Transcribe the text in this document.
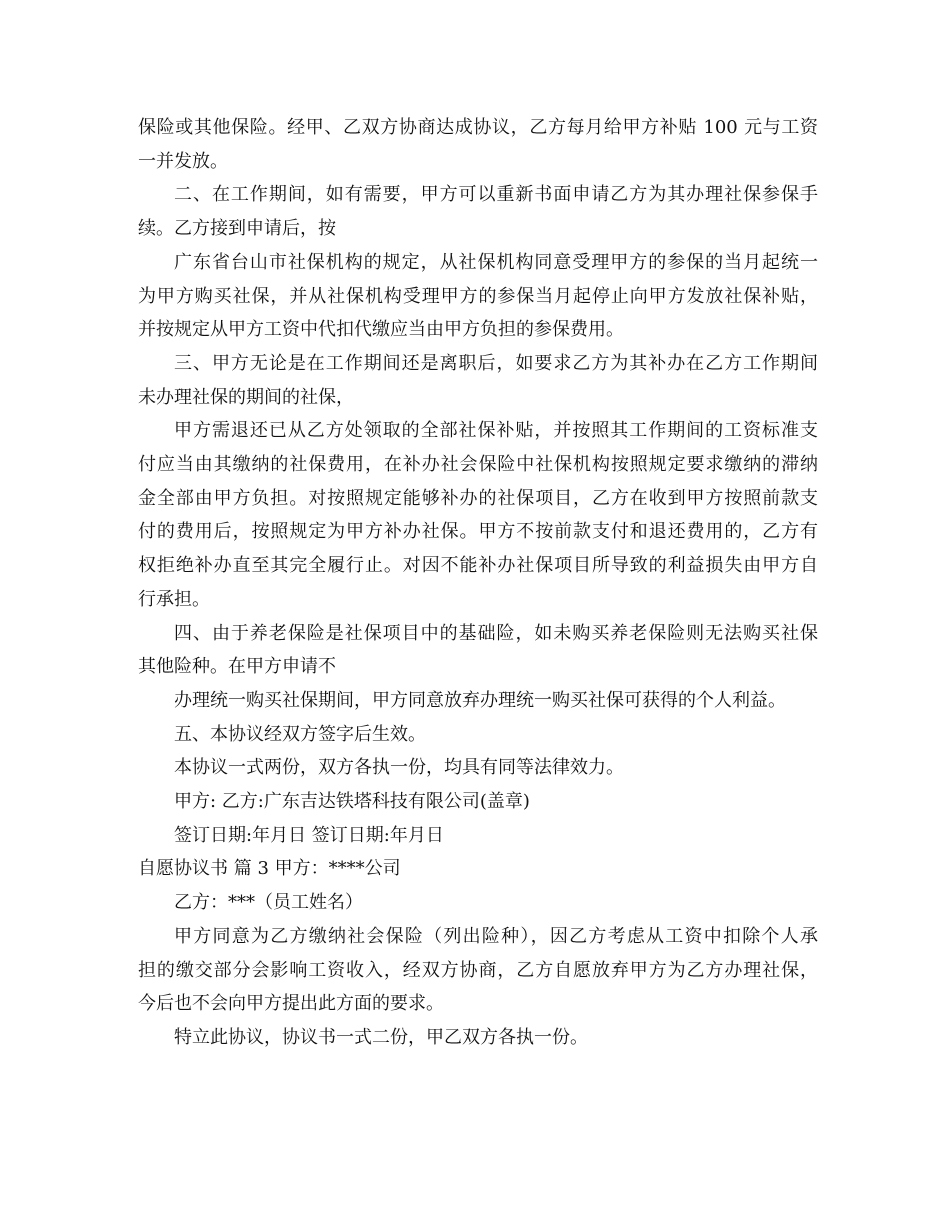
保险或其他保险。经甲、乙双方协商达成协议，乙方每月给甲方补贴 100 元与工资
一并发放。
二、在工作期间，如有需要，甲方可以重新书面申请乙方为其办理社保参保手
续。乙方接到申请后，按
广东省台山市社保机构的规定，从社保机构同意受理甲方的参保的当月起统一
为甲方购买社保，并从社保机构受理甲方的参保当月起停止向甲方发放社保补贴，
并按规定从甲方工资中代扣代缴应当由甲方负担的参保费用。
三、甲方无论是在工作期间还是离职后，如要求乙方为其补办在乙方工作期间
未办理社保的期间的社保，
甲方需退还已从乙方处领取的全部社保补贴，并按照其工作期间的工资标准支
付应当由其缴纳的社保费用，在补办社会保险中社保机构按照规定要求缴纳的滞纳
金全部由甲方负担。对按照规定能够补办的社保项目，乙方在收到甲方按照前款支
付的费用后，按照规定为甲方补办社保。甲方不按前款支付和退还费用的，乙方有
权拒绝补办直至其完全履行止。对因不能补办社保项目所导致的利益损失由甲方自
行承担。
四、由于养老保险是社保项目中的基础险，如未购买养老保险则无法购买社保
其他险种。在甲方申请不
办理统一购买社保期间，甲方同意放弃办理统一购买社保可获得的个人利益。
五、本协议经双方签字后生效。
本协议一式两份，双方各执一份，均具有同等法律效力。
甲方: 乙方:广东吉达铁塔科技有限公司(盖章)
签订日期:年月日 签订日期:年月日
自愿协议书 篇 3 甲方：****公司
乙方：***（员工姓名）
甲方同意为乙方缴纳社会保险（列出险种），因乙方考虑从工资中扣除个人承
担的缴交部分会影响工资收入，经双方协商，乙方自愿放弃甲方为乙方办理社保，
今后也不会向甲方提出此方面的要求。
特立此协议，协议书一式二份，甲乙双方各执一份。
